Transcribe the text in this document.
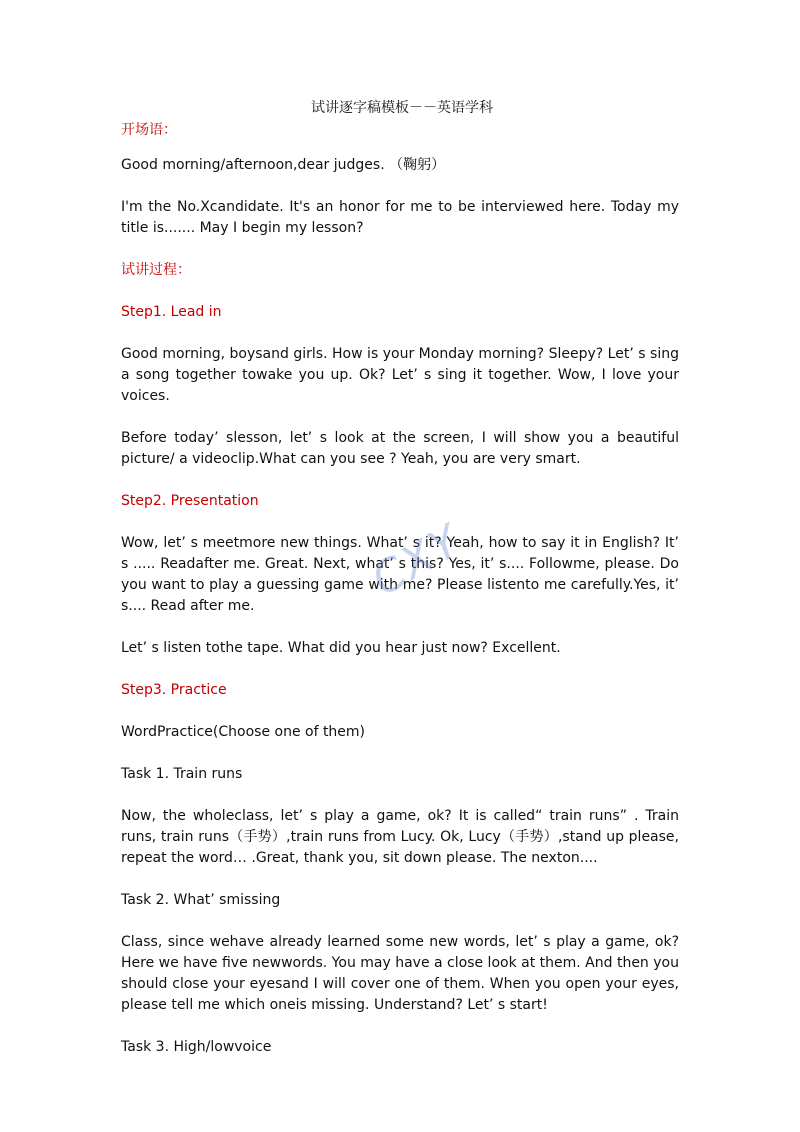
试讲逐字稿模板－－英语学科

开场语：

Good morning/afternoon,dear judges. （鞠躬）

I'm the No.Xcandidate. It's an honor for me to be interviewed here. Today my title is....... May I begin my lesson?

试讲过程：

Step1. Lead in

Good morning, boysand girls. How is your Monday morning? Sleepy? Let’ s sing a song together towake you up. Ok? Let’ s sing it together. Wow, I love your voices.

Before today’ slesson, let’ s look at the screen, I will show you a beautiful picture/ a videoclip.What can you see ? Yeah, you are very smart.

Step2. Presentation

Wow, let’ s meetmore new things. What’ s it? Yeah, how to say it in English? It’ s ..... Readafter me. Great. Next, what’ s this? Yes, it’ s.... Followme, please. Do you want to play a guessing game with me? Please listento me carefully.Yes, it’ s.... Read after me.

Let’ s listen tothe tape. What did you hear just now? Excellent.

Step3. Practice

WordPractice(Choose one of them)

Task 1. Train runs

Now, the wholeclass, let’ s play a game, ok? It is called“ train runs” . Train runs, train runs（手势）,train runs from Lucy. Ok, Lucy（手势）,stand up please, repeat the word… .Great, thank you, sit down please. The nexton....

Task 2. What’ smissing

Class, since wehave already learned some new words, let’ s play a game, ok? Here we have five newwords. You may have a close look at them. And then you should close your eyesand I will cover one of them. When you open your eyes, please tell me which oneis missing. Understand? Let’ s start!

Task 3. High/lowvoice

CXY
